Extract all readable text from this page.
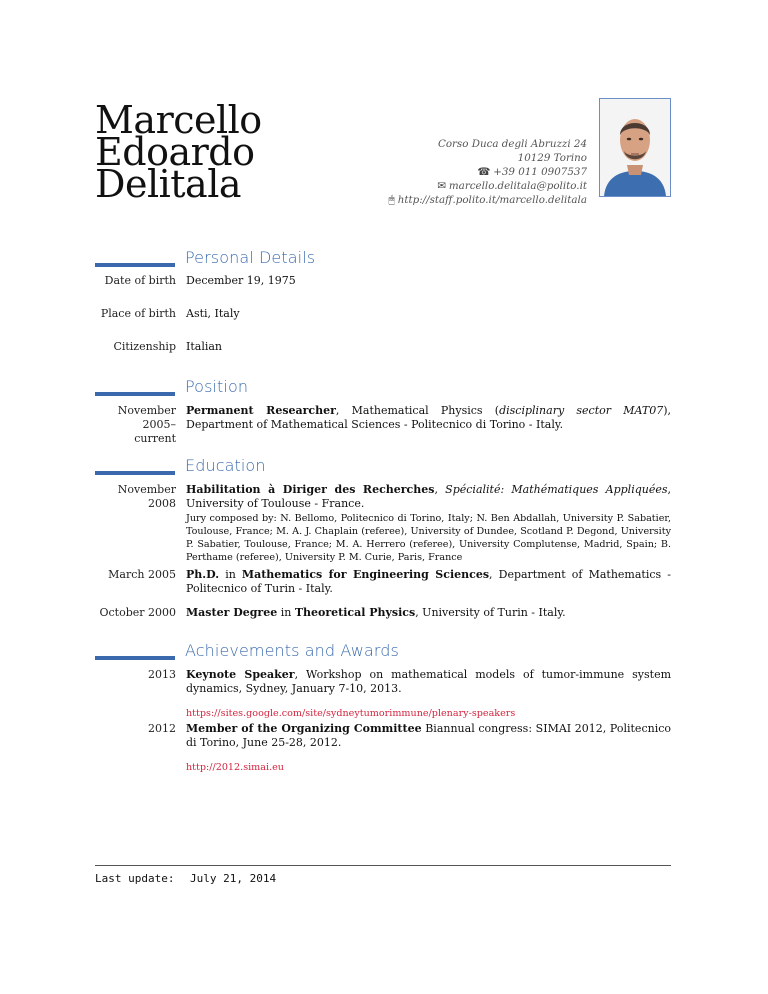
Marcello
Edoardo
Delitala
Corso Duca degli Abruzzi 24
10129 Torino
☎ +39 011 0907537
✉ marcello.delitala@polito.it
🖱 http://staff.polito.it/marcello.delitala
Personal Details
Date of birth December 19, 1975
Place of birth Asti, Italy
Citizenship Italian
Position
November
2005–
current
Permanent Researcher, Mathematical Physics (disciplinary sector MAT07), Department of Mathematical Sciences - Politecnico di Torino - Italy.
Education
November
2008
Habilitation à Diriger des Recherches, Spécialité: Mathématiques Appliquées, University of Toulouse - France.
Jury composed by: N. Bellomo, Politecnico di Torino, Italy; N. Ben Abdallah, University P. Sabatier, Toulouse, France; M. A. J. Chaplain (referee), University of Dundee, Scotland P. Degond, University P. Sabatier, Toulouse, France; M. A. Herrero (referee), University Complutense, Madrid, Spain; B. Perthame (referee), University P. M. Curie, Paris, France
March 2005 Ph.D. in Mathematics for Engineering Sciences, Department of Mathematics - Politecnico of Turin - Italy.
October 2000 Master Degree in Theoretical Physics, University of Turin - Italy.
Achievements and Awards
2013 Keynote Speaker, Workshop on mathematical models of tumor-immune system dynamics, Sydney, January 7-10, 2013.
https://sites.google.com/site/sydneytumorimmune/plenary-speakers
2012 Member of the Organizing Committee Biannual congress: SIMAI 2012, Politecnico di Torino, June 25-28, 2012.
http://2012.simai.eu
Last update: July 21, 2014
